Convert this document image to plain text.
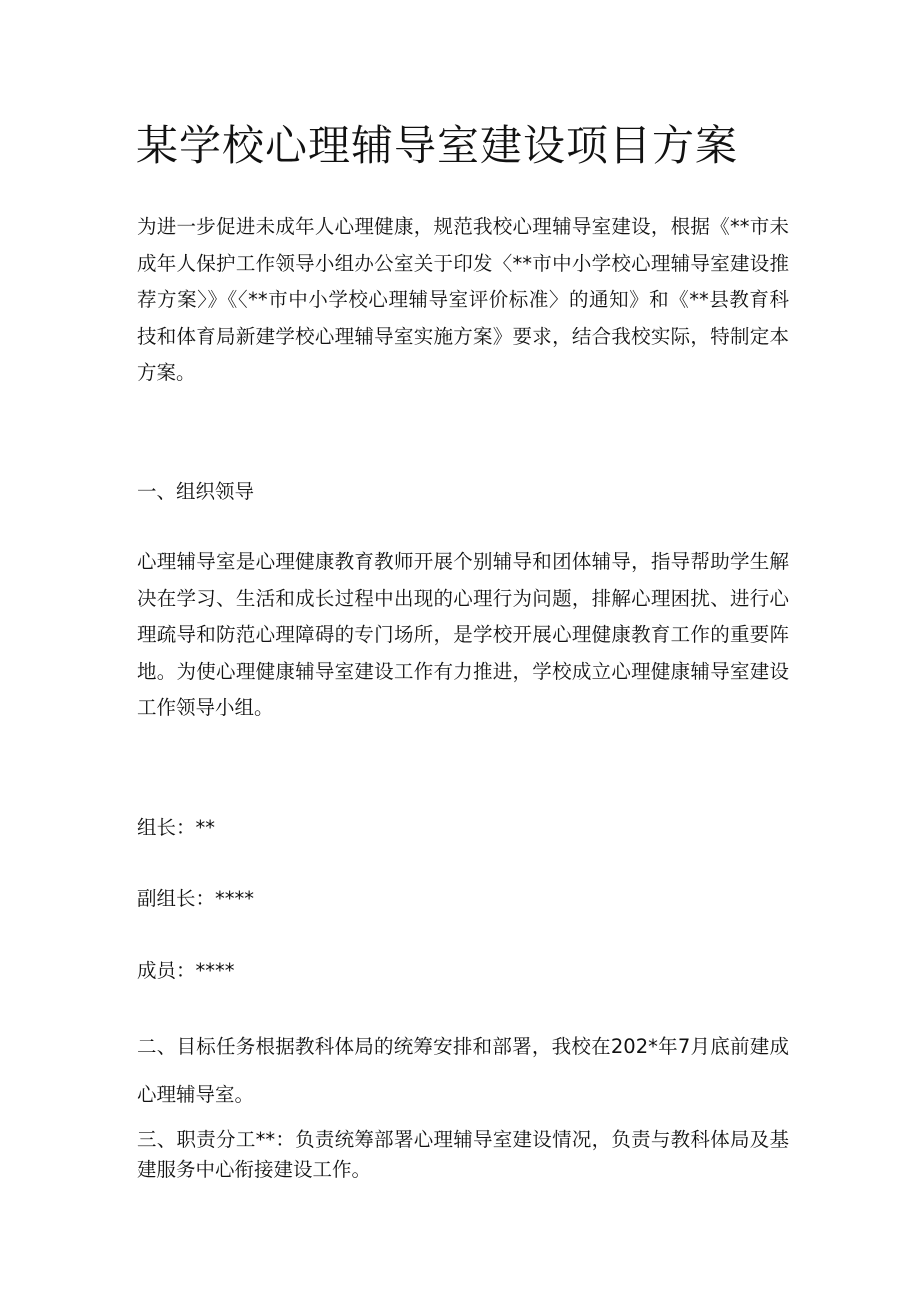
某学校心理辅导室建设项目方案

为进一步促进未成年人心理健康，规范我校心理辅导室建设，根据《**市未成年人保护工作领导小组办公室关于印发〈**市中小学校心理辅导室建设推荐方案〉》《〈**市中小学校心理辅导室评价标准〉的通知》和《**县教育科技和体育局新建学校心理辅导室实施方案》要求，结合我校实际，特制定本方案。

一、组织领导

心理辅导室是心理健康教育教师开展个别辅导和团体辅导，指导帮助学生解决在学习、生活和成长过程中出现的心理行为问题，排解心理困扰、进行心理疏导和防范心理障碍的专门场所，是学校开展心理健康教育工作的重要阵地。为使心理健康辅导室建设工作有力推进，学校成立心理健康辅导室建设工作领导小组。

组长：**

副组长：****

成员：****

二、目标任务根据教科体局的统筹安排和部署，我校在202*年7月底前建成心理辅导室。

三、职责分工**：负责统筹部署心理辅导室建设情况，负责与教科体局及基建服务中心衔接建设工作。
